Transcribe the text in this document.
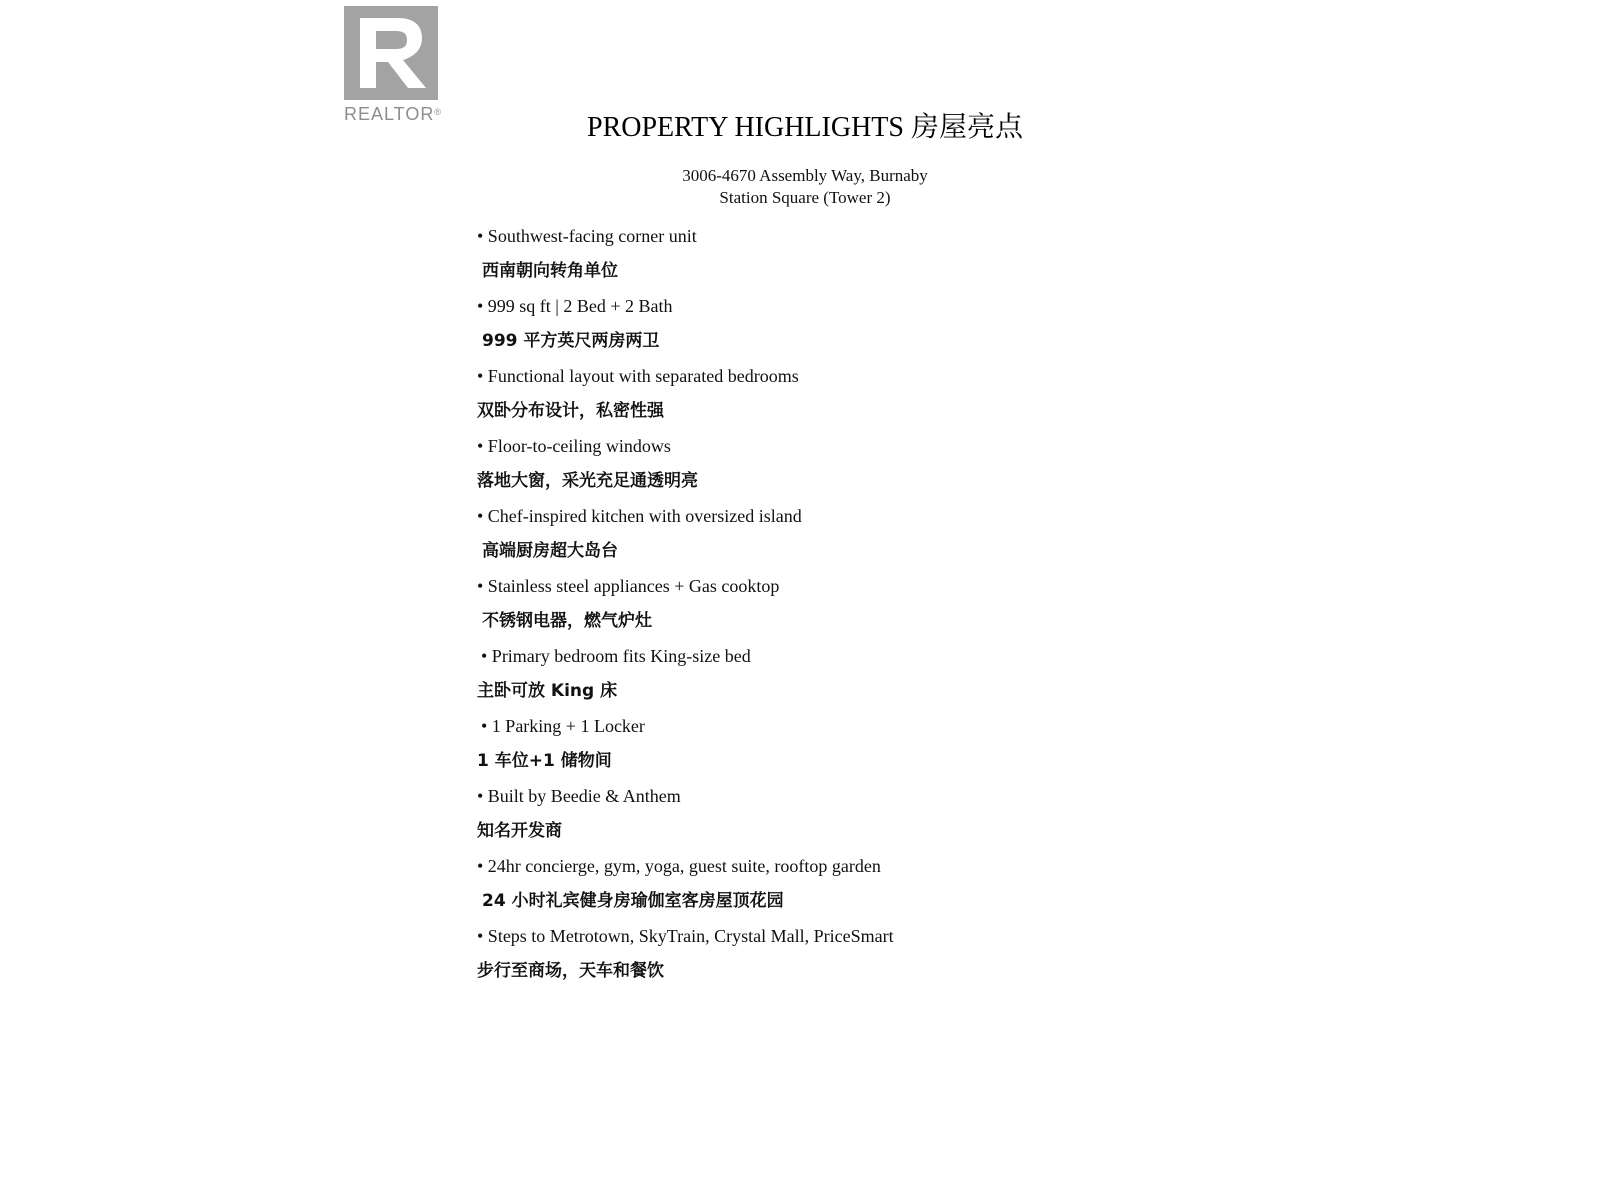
REALTOR®	PROPERTY HIGHLIGHTS 房屋亮点
3006-4670 Assembly Way, Burnaby
Station Square (Tower 2)
• Southwest-facing corner unit
西南朝向转角单位
• 999 sq ft | 2 Bed + 2 Bath
999 平方英尺两房两卫
• Functional layout with separated bedrooms
双卧分布设计，私密性强
• Floor-to-ceiling windows
落地大窗，采光充足通透明亮
• Chef-inspired kitchen with oversized island
高端厨房超大岛台
• Stainless steel appliances + Gas cooktop
不锈钢电器，燃气炉灶
• Primary bedroom fits King-size bed
主卧可放 King 床
• 1 Parking + 1 Locker
1 车位+1 储物间
• Built by Beedie & Anthem
知名开发商
• 24hr concierge, gym, yoga, guest suite, rooftop garden
24 小时礼宾健身房瑜伽室客房屋顶花园
• Steps to Metrotown, SkyTrain, Crystal Mall, PriceSmart
步行至商场，天车和餐饮
